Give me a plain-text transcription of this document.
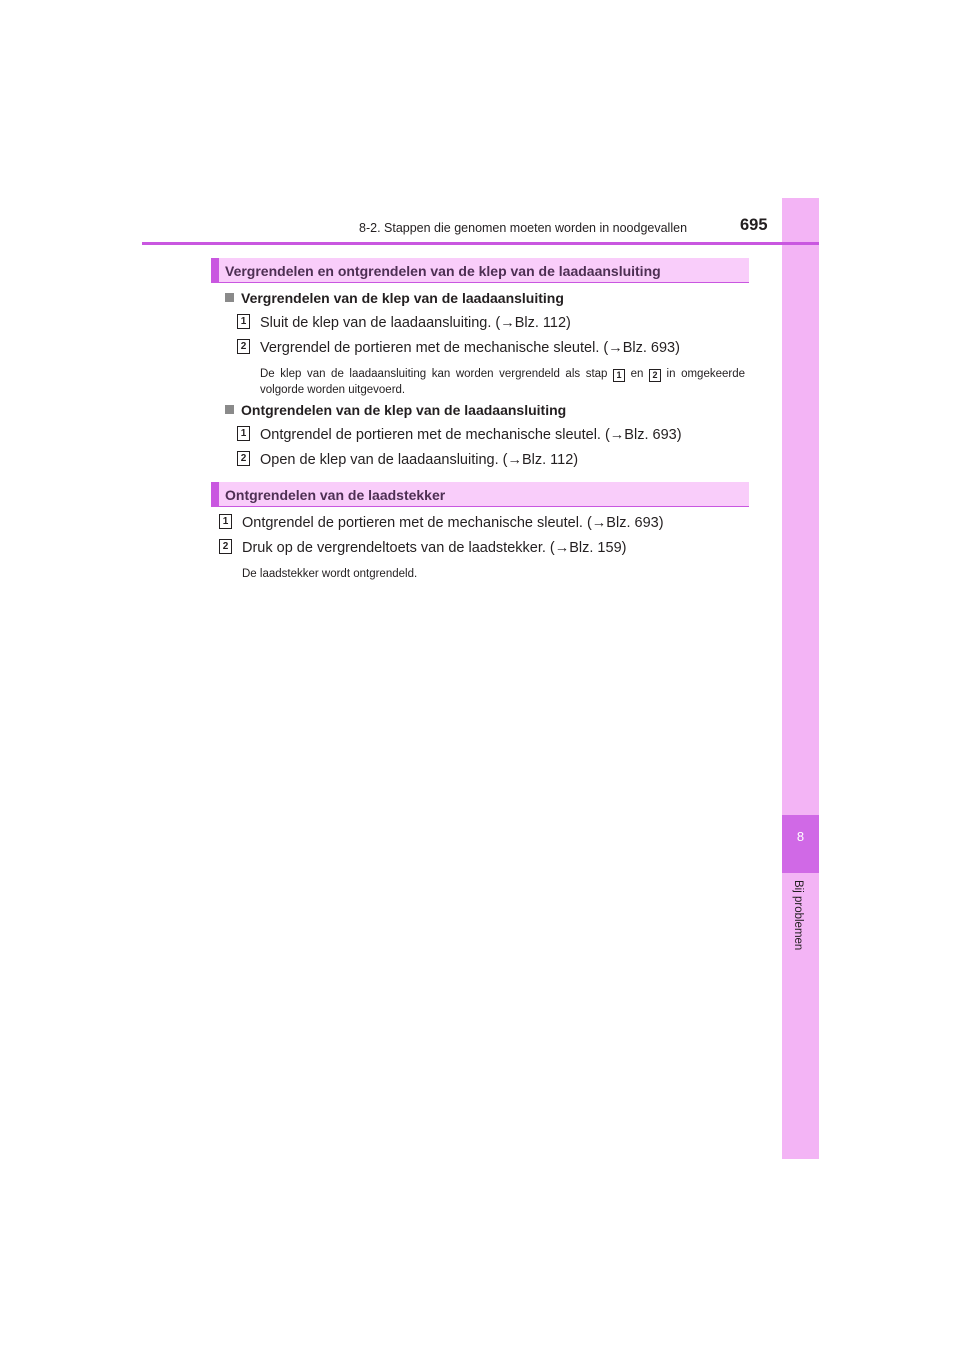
8
Bij problemen
8-2. Stappen die genomen moeten worden in noodgevallen	695
Vergrendelen en ontgrendelen van de klep van de laadaansluiting
Vergrendelen van de klep van de laadaansluiting
1 Sluit de klep van de laadaansluiting. (→Blz. 112)
2 Vergrendel de portieren met de mechanische sleutel. (→Blz. 693)
De klep van de laadaansluiting kan worden vergrendeld als stap 1 en 2 in omgekeerde volgorde worden uitgevoerd.
Ontgrendelen van de klep van de laadaansluiting
1 Ontgrendel de portieren met de mechanische sleutel. (→Blz. 693)
2 Open de klep van de laadaansluiting. (→Blz. 112)
Ontgrendelen van de laadstekker
1 Ontgrendel de portieren met de mechanische sleutel. (→Blz. 693)
2 Druk op de vergrendeltoets van de laadstekker. (→Blz. 159)
De laadstekker wordt ontgrendeld.
